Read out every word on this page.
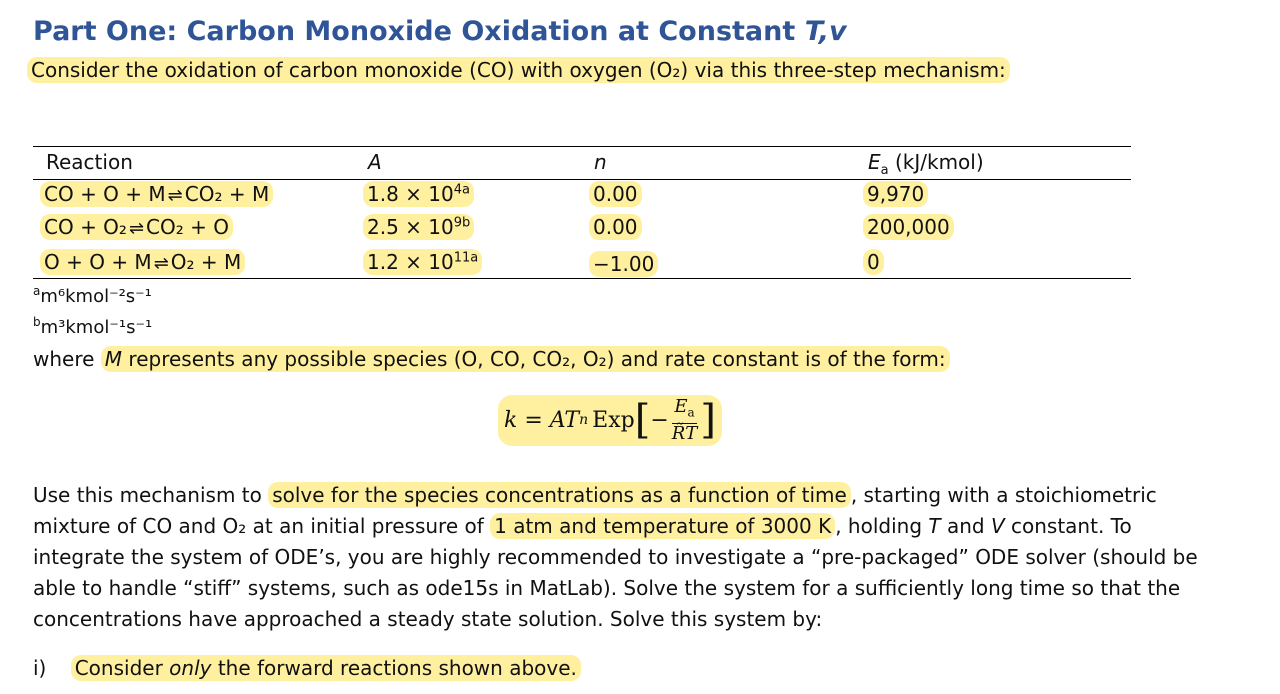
Part One: Carbon Monoxide Oxidation at Constant T,v
Consider the oxidation of carbon monoxide (CO) with oxygen (O₂) via this three-step mechanism:
Reaction	A	n	$E_a$ (kJ/kmol)
CO + O + M ⇌ CO₂ + M	$1.8 \times 10^{4a}$	0.00	9,970
CO + O₂ ⇌ CO₂ + O	$2.5 \times 10^{9b}$	0.00	200,000
O + O + M ⇌ O₂ + M	$1.2 \times 10^{11a}$	−1.00	0
$^a$m⁶kmol⁻²s⁻¹
$^b$m³kmol⁻¹s⁻¹
where M represents any possible species (O, CO, CO₂, O₂) and rate constant is of the form:
k = AT n Exp [ − $\frac{E_a}{R̃T}$ ]
Use this mechanism to solve for the species concentrations as a function of time , starting with a stoichiometric mixture of CO and O₂ at an initial pressure of 1 atm and temperature of 3000 K , holding T and V constant. To integrate the system of ODE’s, you are highly recommended to investigate a “pre-packaged” ODE solver (should be able to handle “stiff” systems, such as ode15s in MatLab). Solve the system for a sufficiently long time so that the concentrations have approached a steady state solution. Solve this system by:
i) Consider only the forward reactions shown above.
